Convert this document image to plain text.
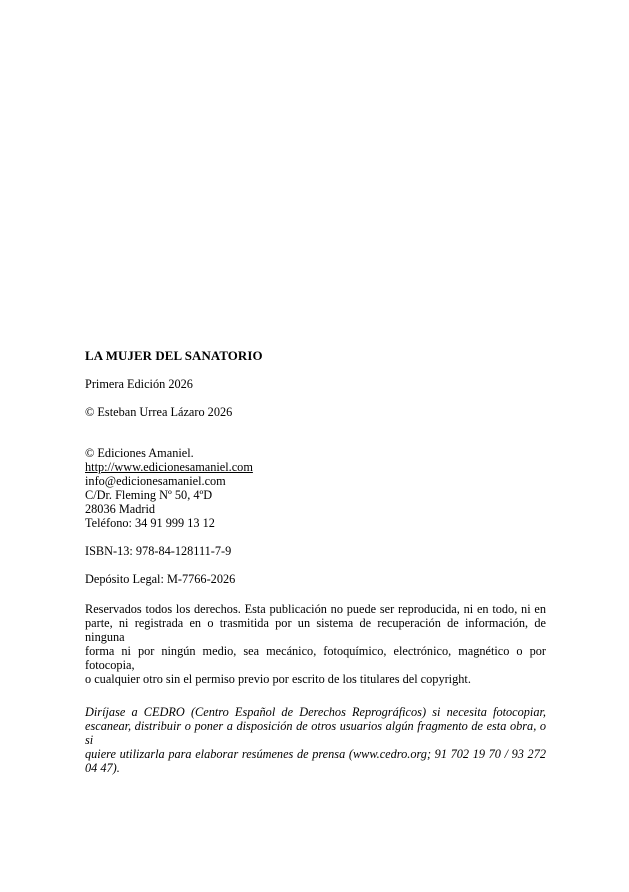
LA MUJER DEL SANATORIO

Primera Edición 2026

© Esteban Urrea Lázaro 2026

© Ediciones Amaniel.

http://www.edicionesamaniel.com

info@edicionesamaniel.com

C/Dr. Fleming Nº 50, 4ºD

28036 Madrid

Teléfono: 34 91 999 13 12

ISBN-13: 978-84-128111-7-9

Depósito Legal: M-7766-2026

Reservados todos los derechos. Esta publicación no puede ser reproducida, ni en todo, ni en
parte, ni registrada en o trasmitida por un sistema de recuperación de información, de ninguna
forma ni por ningún medio, sea mecánico, fotoquímico, electrónico, magnético o por fotocopia,
o cualquier otro sin el permiso previo por escrito de los titulares del copyright.
Diríjase a CEDRO (Centro Español de Derechos Reprográficos) si necesita fotocopiar,
escanear, distribuir o poner a disposición de otros usuarios algún fragmento de esta obra, o si
quiere utilizarla para elaborar resúmenes de prensa (www.cedro.org; 91 702 19 70 / 93 272
04 47).
